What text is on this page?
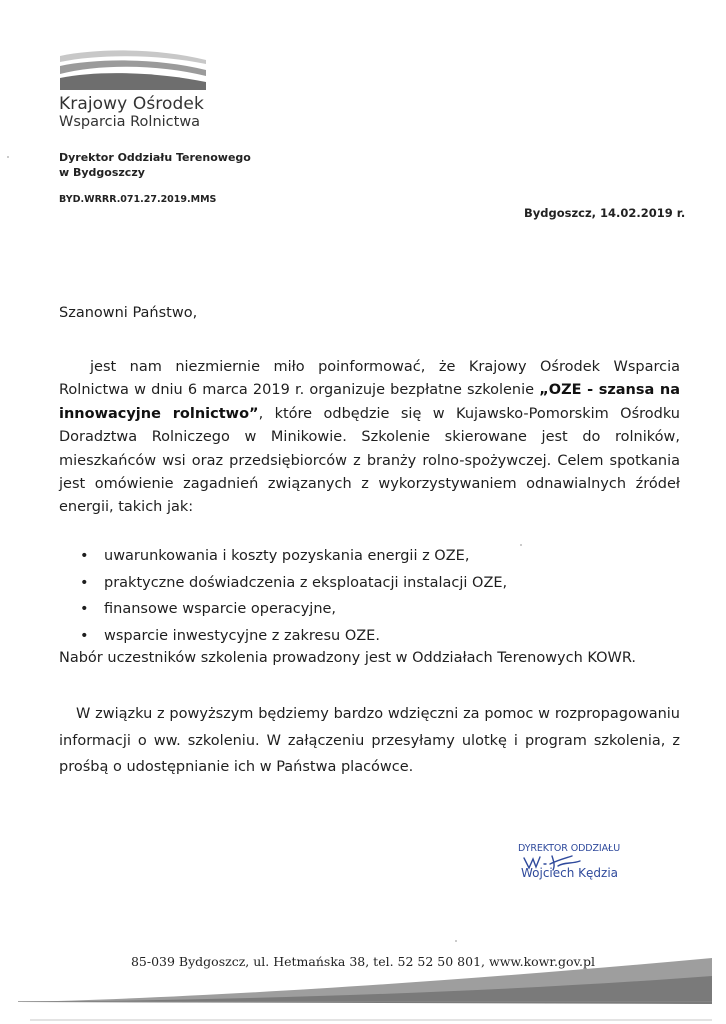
Krajowy Ośrodek
Wsparcia Rolnictwa
Dyrektor Oddziału Terenowego
w Bydgoszczy
BYD.WRRR.071.27.2019.MMS
Bydgoszcz, 14.02.2019 r.
Szanowni Państwo,
jest nam niezmiernie miło poinformować, że Krajowy Ośrodek Wsparcia Rolnictwa w dniu 6 marca 2019 r. organizuje bezpłatne szkolenie „OZE - szansa na innowacyjne rolnictwo”, które odbędzie się w Kujawsko-Pomorskim Ośrodku Doradztwa Rolniczego w Minikowie. Szkolenie skierowane jest do rolników, mieszkańców wsi oraz przedsiębiorców z branży rolno-spożywczej. Celem spotkania jest omówienie zagadnień związanych z wykorzystywaniem odnawialnych źródeł energii, takich jak:
• uwarunkowania i koszty pozyskania energii z OZE,
• praktyczne doświadczenia z eksploatacji instalacji OZE,
• finansowe wsparcie operacyjne,
• wsparcie inwestycyjne z zakresu OZE.
Nabór uczestników szkolenia prowadzony jest w Oddziałach Terenowych KOWR.
W związku z powyższym będziemy bardzo wdzięczni za pomoc w rozpropagowaniu informacji o ww. szkoleniu. W załączeniu przesyłamy ulotkę i program szkolenia, z prośbą o udostępnianie ich w Państwa placówce.
DYREKTOR ODDZIAŁU
Wojciech Kędzia
85-039 Bydgoszcz, ul. Hetmańska 38, tel. 52 52 50 801, www.kowr.gov.pl
